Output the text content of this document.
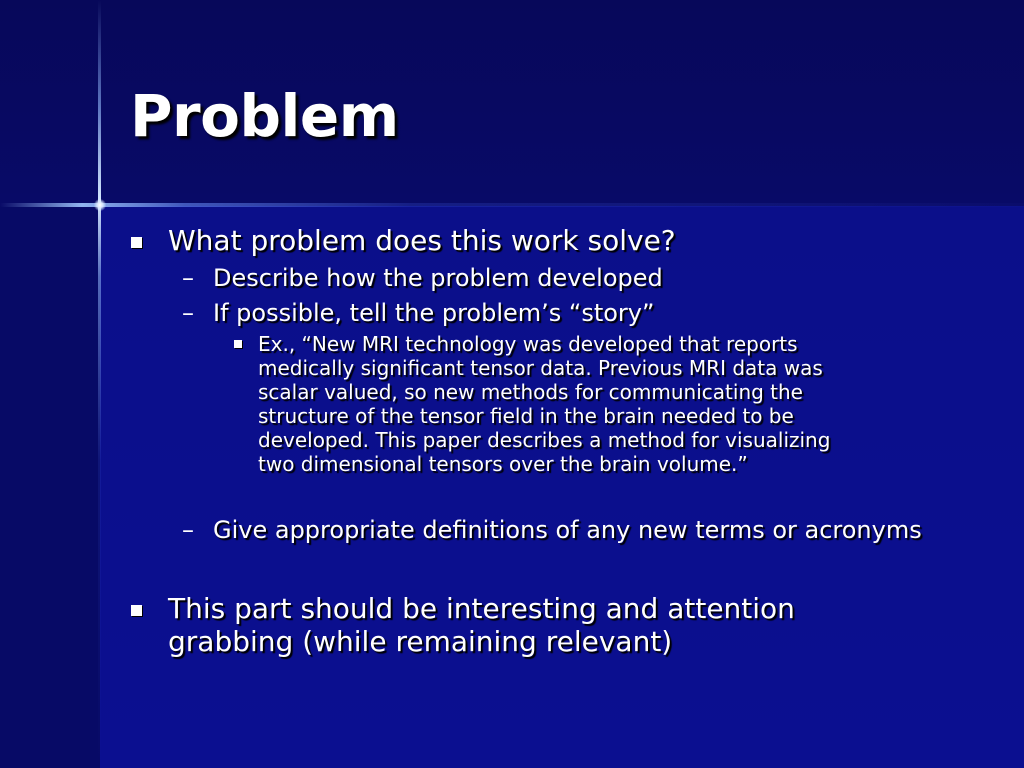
Problem
What problem does this work solve?
– Describe how the problem developed
– If possible, tell the problem’s “story”
Ex., “New MRI technology was developed that reports
medically significant tensor data. Previous MRI data was
scalar valued, so new methods for communicating the
structure of the tensor field in the brain needed to be
developed. This paper describes a method for visualizing
two dimensional tensors over the brain volume.”
– Give appropriate definitions of any new terms or acronyms
This part should be interesting and attention
grabbing (while remaining relevant)
